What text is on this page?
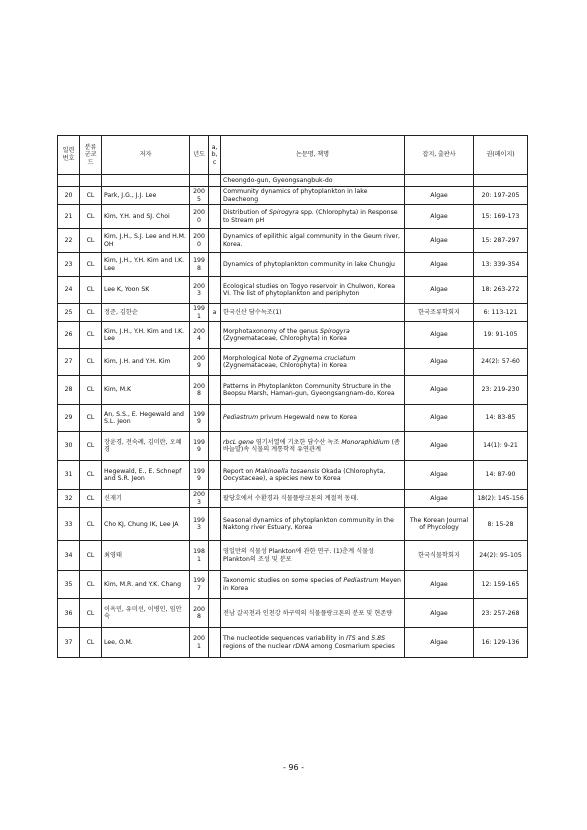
일련번호	분류군코드	저자	년도	a, b, c	논문명, 책명	잡지, 출판사	권(페이지)
					Cheongdo-gun, Gyeongsangbuk-do		
20	CL	Park, J.G., J.J. Lee	2005		Community dynamics of phytoplankton in lake Daecheong	Algae	20: 197-205
21	CL	Kim, Y.H. and SJ. Choi	2000		Distribution of Spirogyra spp. (Chlorophyta) in Response to Stream pH	Algae	15: 169-173
22	CL	Kim, J.H., S.J. Lee and H.M. OH	2000		Dynamics of epilithic algal community in the Geum river, Korea.	Algae	15: 287-297
23	CL	Kim, J.H., Y.H. Kim and I.K. Lee	1998		Dynamics of phytoplankton community in lake Chungju	Algae	13: 339-354
24	CL	Lee K, Yoon SK	2003		Ecological studies on Togyo reservoir in Chulwon, Korea VI. The list of phytoplankton and periphyton	Algae	18: 263-272
25	CL	정준, 김한순	1991	a	한국신산 담수녹조(1)	한국조류학회지	6: 113-121
26	CL	Kim, J.H., Y.H. Kim and I.K. Lee	2004		Morphotaxonomy of the genus Spirogyra (Zygnemataceae, Chlorophyta) in Korea	Algae	19: 91-105
27	CL	Kim, J.H. and Y.H. Kim	2009		Morphological Note of Zygnema cruciatum (Zygnemataceae, Chlorophyta) in Korea	Algae	24(2): 57-60
28	CL	Kim, M.K	2008		Patterns in Phytoplankton Community Structure in the Beopsu Marsh, Haman-gun, Gyeongsangnam-do, Korea	Algae	23: 219-230
29	CL	An, S.S., E. Hegewald and S.L. Jeon	1999		Pediastrum privum Hegewald new to Korea	Algae	14: 83-85
30	CL	장윤경, 전숙례, 김미란, 오혜경	1999		rbcL gene 염기서열에 기초한 담수산 녹조 Monoraphidium (좀바늘말)속 식물의 계통학적 유연관계	Algae	14(1): 9-21
31	CL	Hegewald, E., E. Schnepf and S.R. Jeon	1999		Report on Makinoella tosaensis Okada (Chlorophyta, Oocystaceae), a species new to Korea	Algae	14: 87-90
32	CL	신재기	2003		팔당호에서 수환경과 식물플랑크톤의 계절적 동태.	Algae	18(2): 145-156
33	CL	Cho KJ, Chung IK, Lee JA	1993		Seasonal dynamics of phytoplankton community in the Naktong river Estuary, Korea	The Korean Journal of Phycology	8: 15-28
34	CL	최영태	1981		영일만의 식물성 Plankton에 관한 연구. (1)춘계 식물성 Plankton의 조성 및 분포	한국식물학회지	24(2): 95-105
35	CL	Kim, M.R. and Y.K. Chang	1997		Taxonomic studies on some species of Pediastrum Meyen in Korea	Algae	12: 159-165
36	CL	이옥민, 유미선, 이병인, 임안숙	2008		전남 갈곡천과 인천강 하구역의 식물플랑크톤의 분포 및 현존량	Algae	23: 257-268
37	CL	Lee, O.M.	2001		The nucleotide sequences variability in ITS and 5.8S regions of the nuclear rDNA among Cosmarium species	Algae	16: 129-136
- 96 -
